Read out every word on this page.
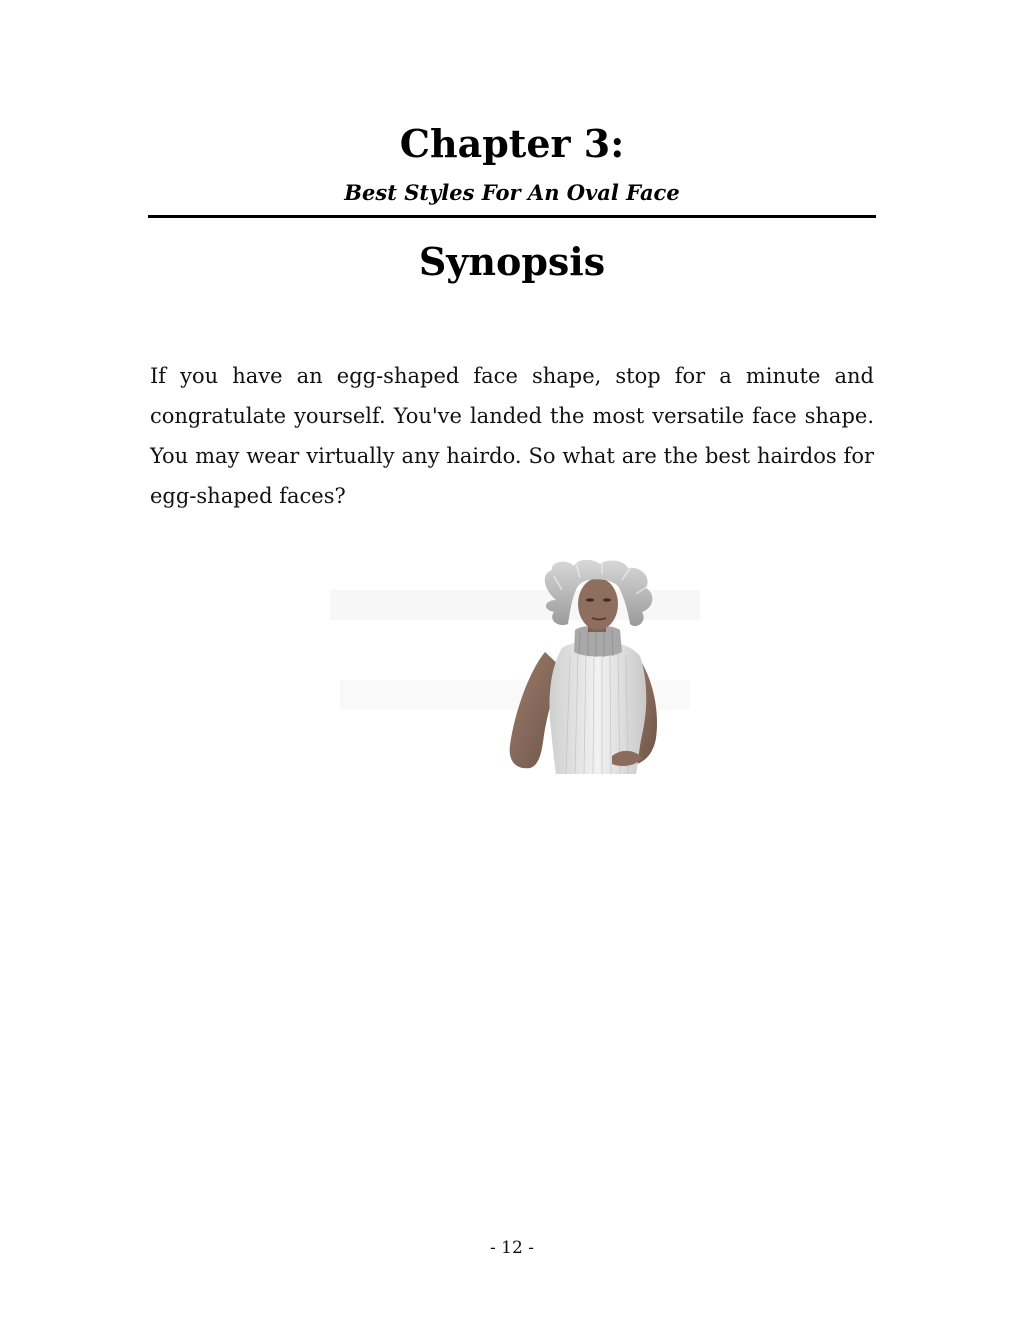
Chapter 3:
Best Styles For An Oval Face
Synopsis

If you have an egg-shaped face shape, stop for a minute and congratulate yourself. You've landed the most versatile face shape. You may wear virtually any hairdo. So what are the best hairdos for egg-shaped faces?

- 12 -
